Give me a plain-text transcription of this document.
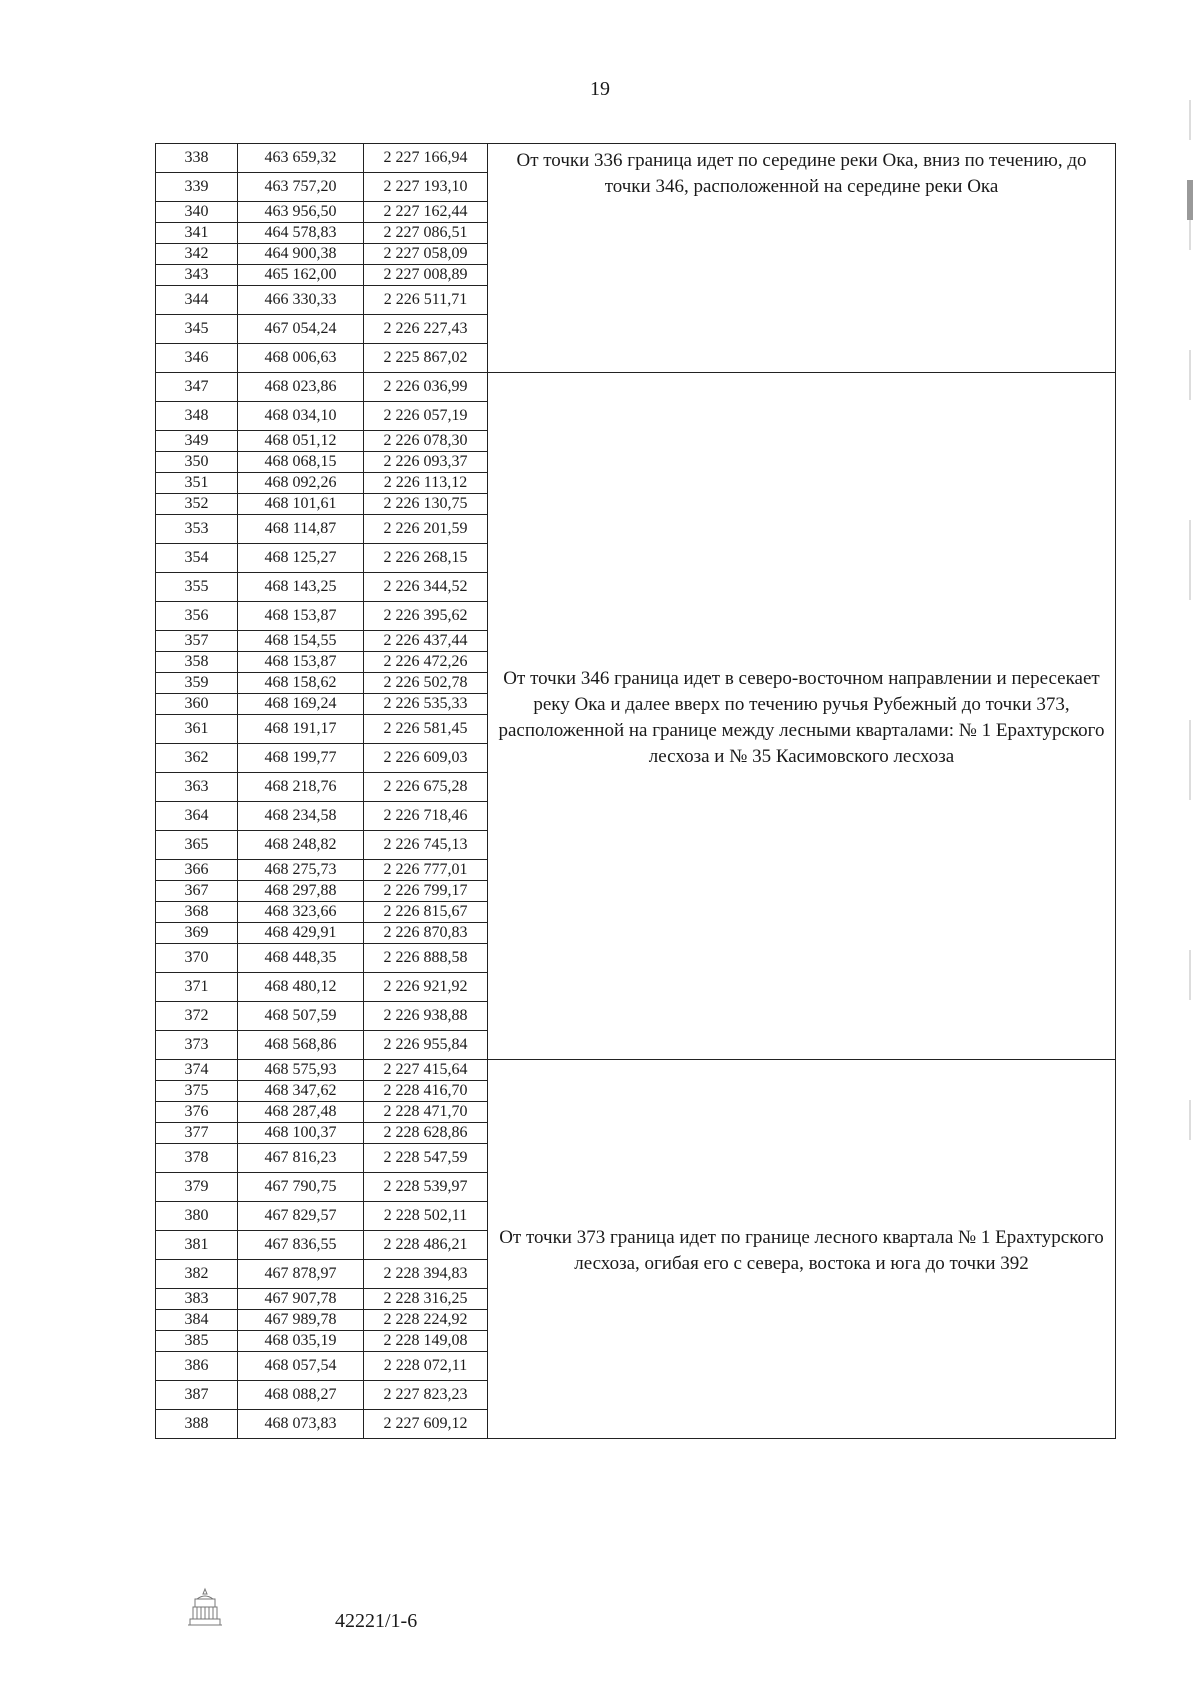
19
338	463 659,32	2 227 166,94	От точки 336 граница идет по середине реки Ока, вниз по течению, до точки 346, расположенной на середине реки Ока
339	463 757,20	2 227 193,10	
340	463 956,50	2 227 162,44	
341	464 578,83	2 227 086,51	
342	464 900,38	2 227 058,09	
343	465 162,00	2 227 008,89	
344	466 330,33	2 226 511,71	
345	467 054,24	2 226 227,43	
346	468 006,63	2 225 867,02	
347	468 023,86	2 226 036,99	От точки 346 граница идет в северо-восточном направлении и пересекает реку Ока и далее вверх по течению ручья Рубежный до точки 373, расположенной на границе между лесными кварталами: № 1 Ерахтурского лесхоза и № 35 Касимовского лесхоза
348	468 034,10	2 226 057,19	
349	468 051,12	2 226 078,30	
350	468 068,15	2 226 093,37	
351	468 092,26	2 226 113,12	
352	468 101,61	2 226 130,75	
353	468 114,87	2 226 201,59	
354	468 125,27	2 226 268,15	
355	468 143,25	2 226 344,52	
356	468 153,87	2 226 395,62	
357	468 154,55	2 226 437,44	
358	468 153,87	2 226 472,26	
359	468 158,62	2 226 502,78	
360	468 169,24	2 226 535,33	
361	468 191,17	2 226 581,45	
362	468 199,77	2 226 609,03	
363	468 218,76	2 226 675,28	
364	468 234,58	2 226 718,46	
365	468 248,82	2 226 745,13	
366	468 275,73	2 226 777,01	
367	468 297,88	2 226 799,17	
368	468 323,66	2 226 815,67	
369	468 429,91	2 226 870,83	
370	468 448,35	2 226 888,58	
371	468 480,12	2 226 921,92	
372	468 507,59	2 226 938,88	
373	468 568,86	2 226 955,84	
374	468 575,93	2 227 415,64	От точки 373 граница идет по границе лесного квартала № 1 Ерахтурского лесхоза, огибая его с севера, востока и юга до точки 392
375	468 347,62	2 228 416,70	
376	468 287,48	2 228 471,70	
377	468 100,37	2 228 628,86	
378	467 816,23	2 228 547,59	
379	467 790,75	2 228 539,97	
380	467 829,57	2 228 502,11	
381	467 836,55	2 228 486,21	
382	467 878,97	2 228 394,83	
383	467 907,78	2 228 316,25	
384	467 989,78	2 228 224,92	
385	468 035,19	2 228 149,08	
386	468 057,54	2 228 072,11	
387	468 088,27	2 227 823,23	
388	468 073,83	2 227 609,12	
42221/1-6
